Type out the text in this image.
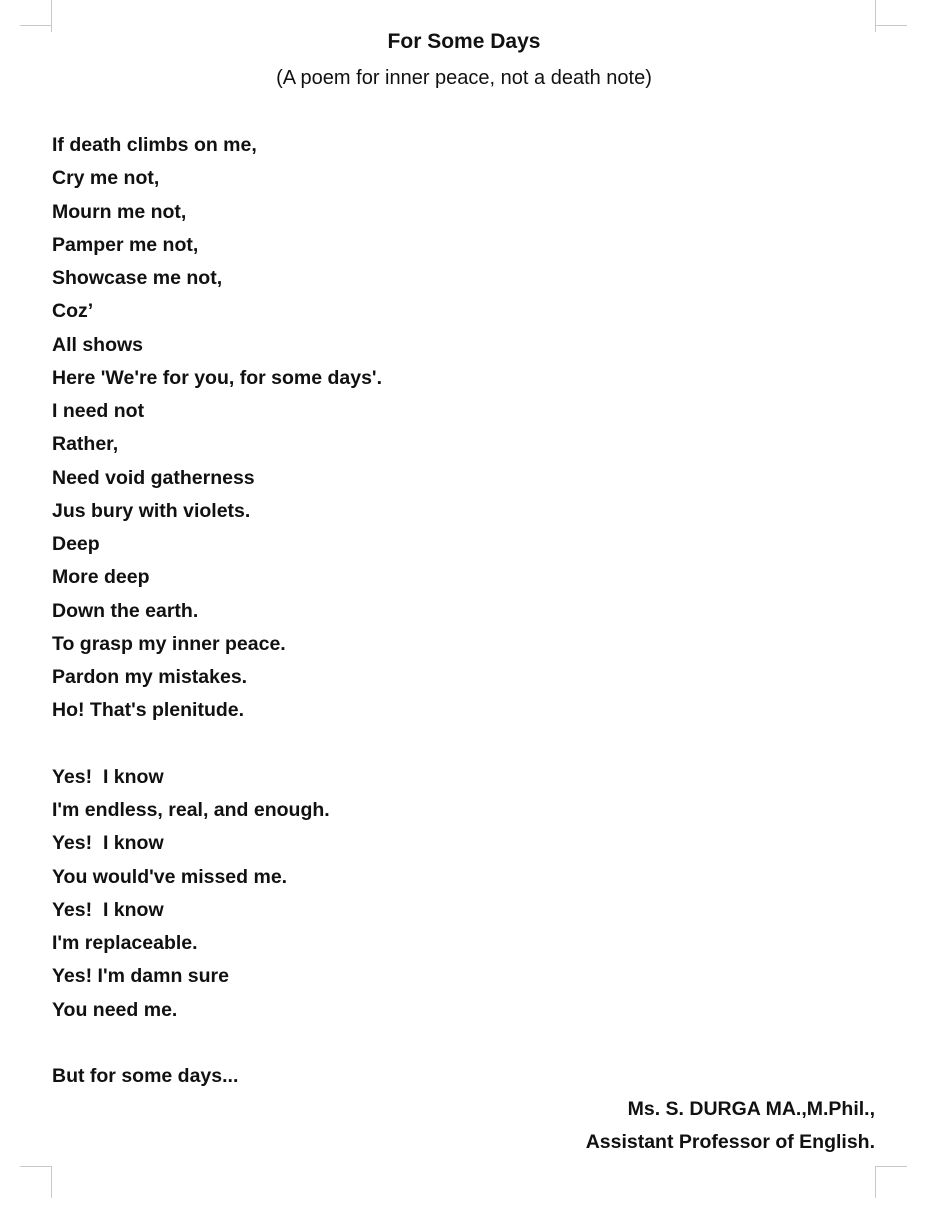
For Some Days

(A poem for inner peace, not a death note)

If death climbs on me,
Cry me not,
Mourn me not,
Pamper me not,
Showcase me not,
Coz’
All shows
Here 'We're for you, for some days'.
I need not
Rather,
Need void gatherness
Jus bury with violets.
Deep
More deep
Down the earth.
To grasp my inner peace.
Pardon my mistakes.
Ho! That's plenitude.
Yes!  I know
I'm endless, real, and enough.
Yes!  I know
You would've missed me.
Yes!  I know
I'm replaceable.
Yes! I'm damn sure
You need me.
But for some days...
Ms. S. DURGA MA.,M.Phil.,
Assistant Professor of English.
